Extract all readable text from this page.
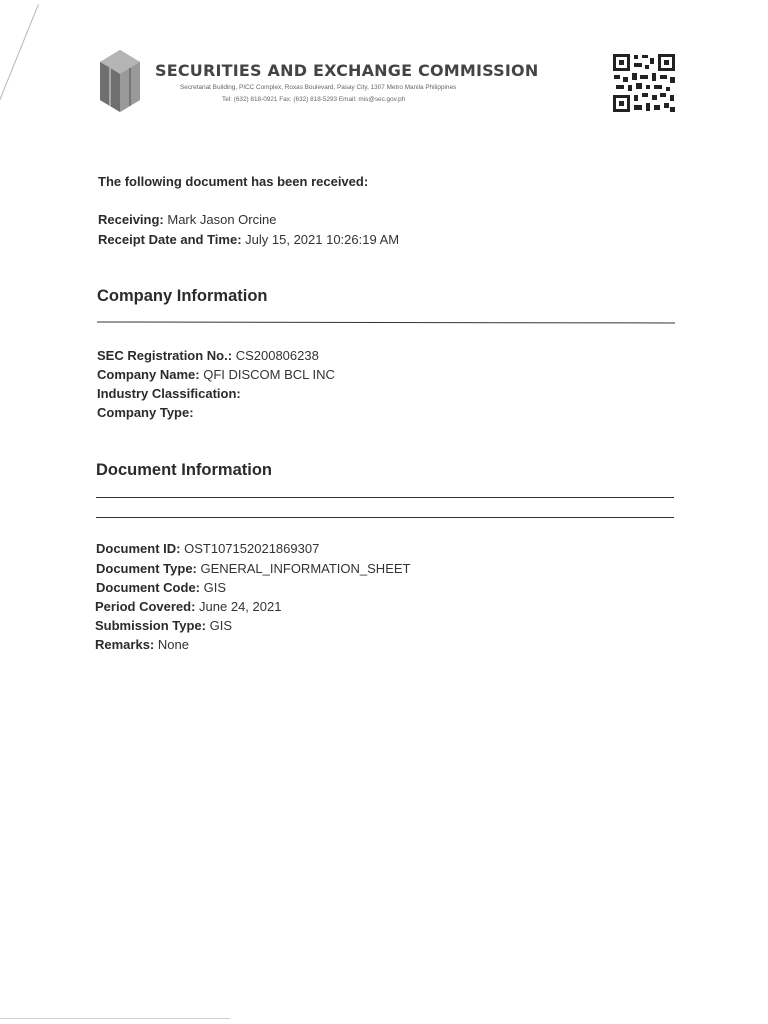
SECURITIES AND EXCHANGE COMMISSION
Secretariat Building, PICC Complex, Roxas Boulevard, Pasay City, 1307 Metro Manila Philippines
Tel: (632) 818-0921 Fax: (632) 818-5293 Email: mis@sec.gov.ph
The following document has been received:
Receiving: Mark Jason Orcine
Receipt Date and Time: July 15, 2021 10:26:19 AM
Company Information
SEC Registration No.: CS200806238
Company Name: QFI DISCOM BCL INC
Industry Classification:
Company Type:
Document Information
Document ID: OST107152021869307
Document Type: GENERAL_INFORMATION_SHEET
Document Code: GIS
Period Covered: June 24, 2021
Submission Type: GIS
Remarks: None
